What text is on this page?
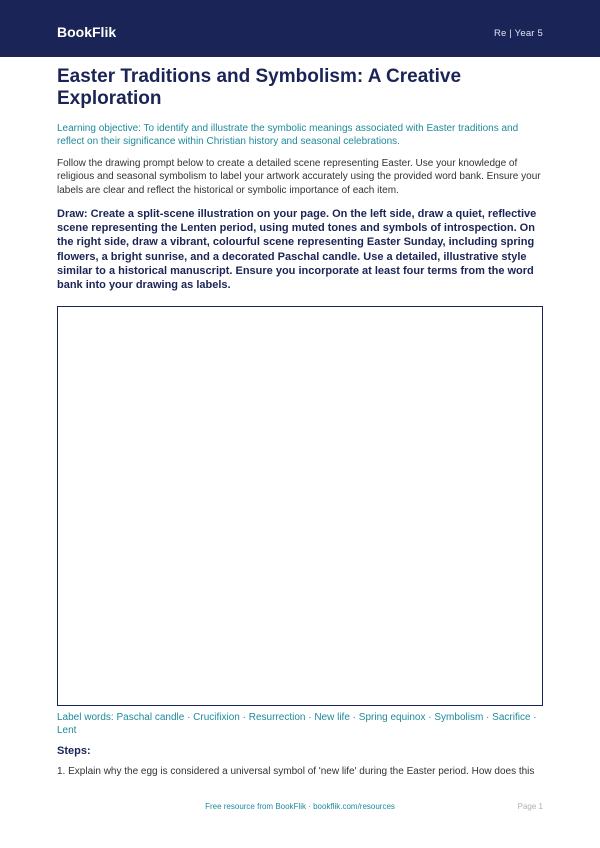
BookFlik	Re | Year 5
Easter Traditions and Symbolism: A Creative Exploration

Learning objective: To identify and illustrate the symbolic meanings associated with Easter traditions and reflect on their significance within Christian history and seasonal celebrations.

Follow the drawing prompt below to create a detailed scene representing Easter. Use your knowledge of religious and seasonal symbolism to label your artwork accurately using the provided word bank. Ensure your labels are clear and reflect the historical or symbolic importance of each item.

Draw: Create a split-scene illustration on your page. On the left side, draw a quiet, reflective scene representing the Lenten period, using muted tones and symbols of introspection. On the right side, draw a vibrant, colourful scene representing Easter Sunday, including spring flowers, a bright sunrise, and a decorated Paschal candle. Use a detailed, illustrative style similar to a historical manuscript. Ensure you incorporate at least four terms from the word bank into your drawing as labels.

Label words: Paschal candle · Crucifixion · Resurrection · New life · Spring equinox · Symbolism · Sacrifice · Lent

Steps:

1. Explain why the egg is considered a universal symbol of 'new life' during the Easter period. How does this

Free resource from BookFlik · bookflik.com/resources	Page 1
